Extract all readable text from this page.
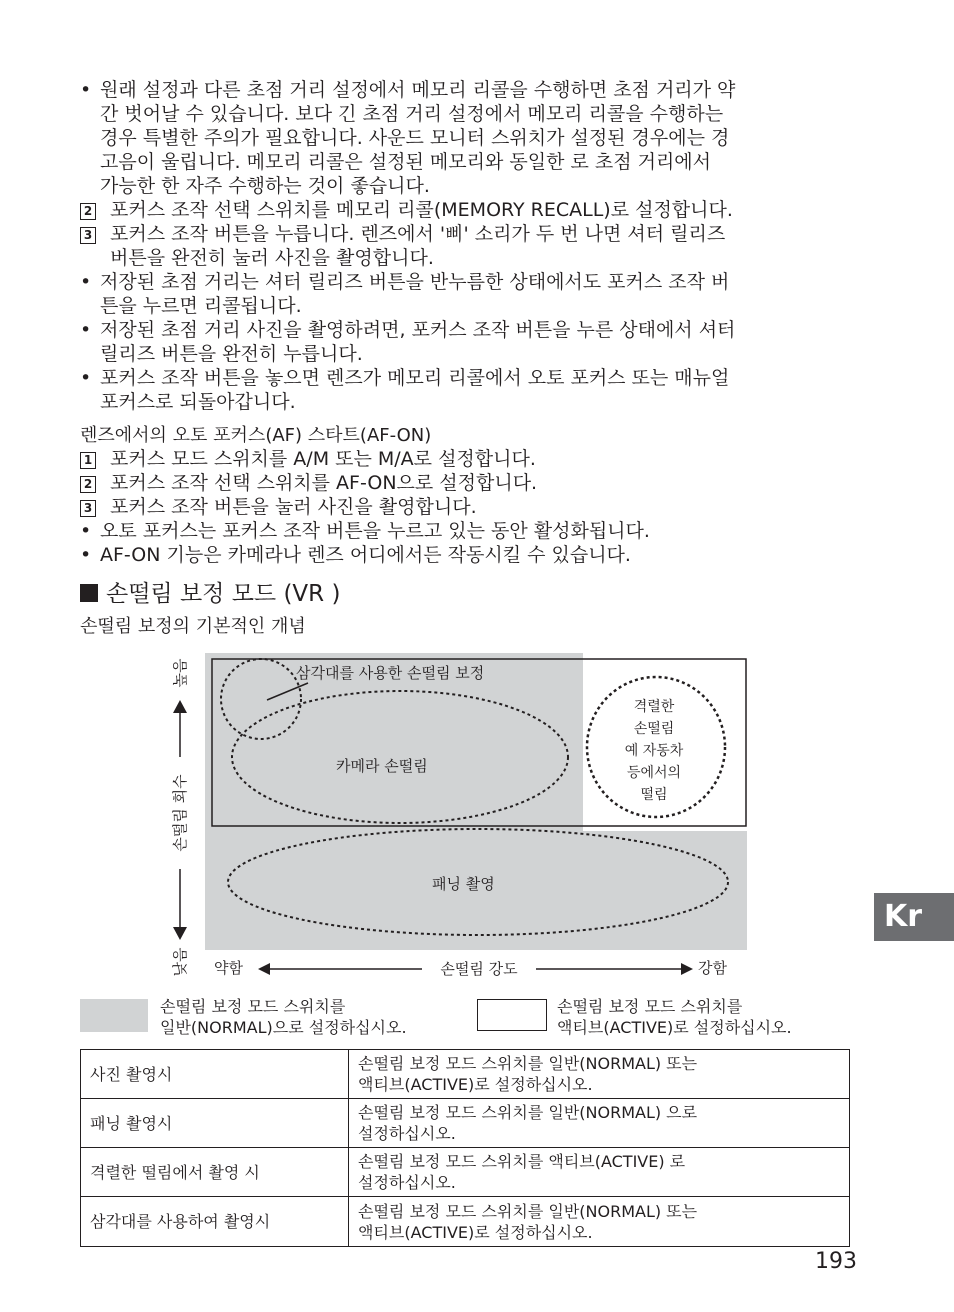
• 원래 설정과 다른 초점 거리 설정에서 메모리 리콜을 수행하면 초점 거리가 약
간 벗어날 수 있습니다. 보다 긴 초점 거리 설정에서 메모리 리콜을 수행하는
경우 특별한 주의가 필요합니다. 사운드 모니터 스위치가 설정된 경우에는 경
고음이 울립니다. 메모리 리콜은 설정된 메모리와 동일한 로 초점 거리에서
가능한 한 자주 수행하는 것이 좋습니다.
2 포커스 조작 선택 스위치를 메모리 리콜(MEMORY RECALL)로 설정합니다.
3 포커스 조작 버튼을 누릅니다. 렌즈에서 '삐' 소리가 두 번 나면 셔터 릴리즈
버튼을 완전히 눌러 사진을 촬영합니다.
• 저장된 초점 거리는 셔터 릴리즈 버튼을 반누름한 상태에서도 포커스 조작 버
튼을 누르면 리콜됩니다.
• 저장된 초점 거리 사진을 촬영하려면, 포커스 조작 버튼을 누른 상태에서 셔터
릴리즈 버튼을 완전히 누릅니다.
• 포커스 조작 버튼을 놓으면 렌즈가 메모리 리콜에서 오토 포커스 또는 매뉴얼
포커스로 되돌아갑니다.
렌즈에서의 오토 포커스(AF) 스타트(AF-ON)
1 포커스 모드 스위치를 A/M 또는 M/A로 설정합니다.
2 포커스 조작 선택 스위치를 AF-ON으로 설정합니다.
3 포커스 조작 버튼을 눌러 사진을 촬영합니다.
• 오토 포커스는 포커스 조작 버튼을 누르고 있는 동안 활성화됩니다.
• AF-ON 기능은 카메라나 렌즈 어디에서든 작동시킬 수 있습니다.
손떨림 보정 모드 (VR )
손떨림 보정의 기본적인 개념
삼각대를 사용한 손떨림 보정
카메라 손떨림
패닝 촬영
격렬한
손떨림
예 자동차
등에서의
떨림
손떨림 회수
높음
낮음 약함	손떨림 강도	강함
손떨림 보정 모드 스위치를
일반(NORMAL)으로 설정하십시오.
손떨림 보정 모드 스위치를
액티브(ACTIVE)로 설정하십시오.
사진 촬영시	손떨림 보정 모드 스위치를 일반(NORMAL) 또는
액티브(ACTIVE)로 설정하십시오.

패닝 촬영시	손떨림 보정 모드 스위치를 일반(NORMAL) 으로
설정하십시오.

격렬한 떨림에서 촬영 시	손떨림 보정 모드 스위치를 액티브(ACTIVE) 로
설정하십시오.

삼각대를 사용하여 촬영시	손떨림 보정 모드 스위치를 일반(NORMAL) 또는
액티브(ACTIVE)로 설정하십시오.
Kr
193
